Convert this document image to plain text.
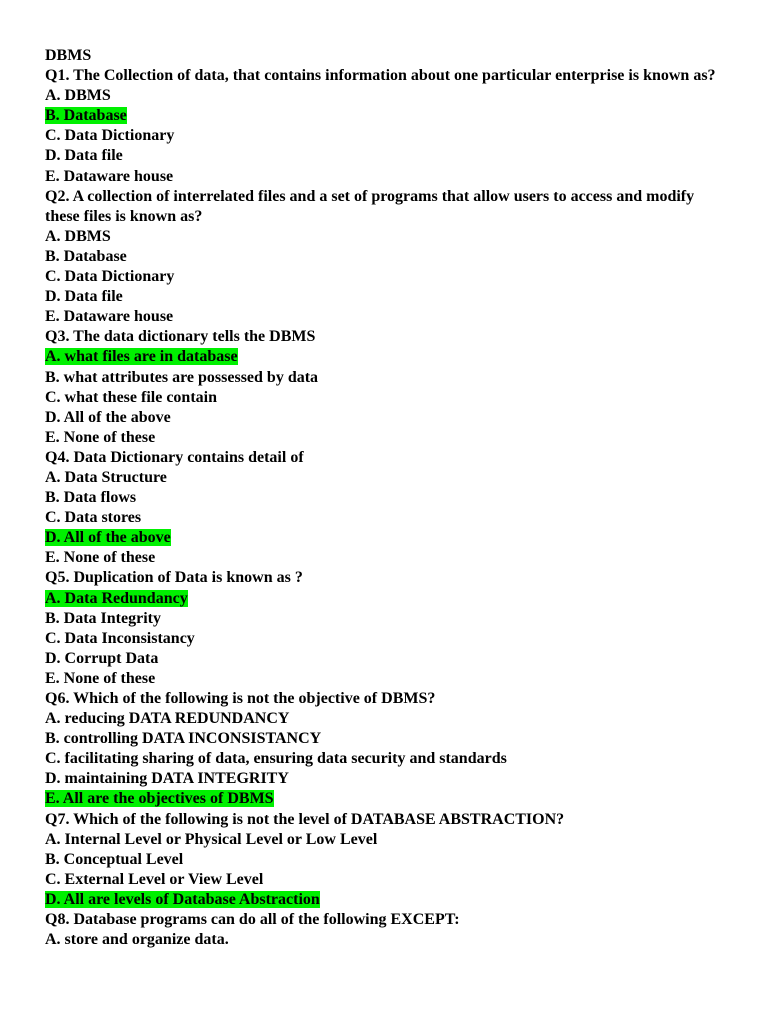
DBMS
Q1. The Collection of data, that contains information about one particular enterprise is known as?
A. DBMS
B. Database
C. Data Dictionary
D. Data file
E. Dataware house
Q2. A collection of interrelated files and a set of programs that allow users to access and modify these files is known as?
A. DBMS
B. Database
C. Data Dictionary
D. Data file
E. Dataware house
Q3. The data dictionary tells the DBMS
A. what files are in database
B. what attributes are possessed by data
C. what these file contain
D. All of the above
E. None of these
Q4. Data Dictionary contains detail of
A. Data Structure
B. Data flows
C. Data stores
D. All of the above
E. None of these
Q5. Duplication of Data is known as ?
A. Data Redundancy
B. Data Integrity
C. Data Inconsistancy
D. Corrupt Data
E. None of these
Q6. Which of the following is not the objective of DBMS?
A. reducing DATA REDUNDANCY
B. controlling DATA INCONSISTANCY
C. facilitating sharing of data, ensuring data security and standards
D. maintaining DATA INTEGRITY
E. All are the objectives of DBMS
Q7. Which of the following is not the level of DATABASE ABSTRACTION?
A. Internal Level or Physical Level or Low Level
B. Conceptual Level
C. External Level or View Level
D. All are levels of Database Abstraction
Q8. Database programs can do all of the following EXCEPT:
A. store and organize data.
